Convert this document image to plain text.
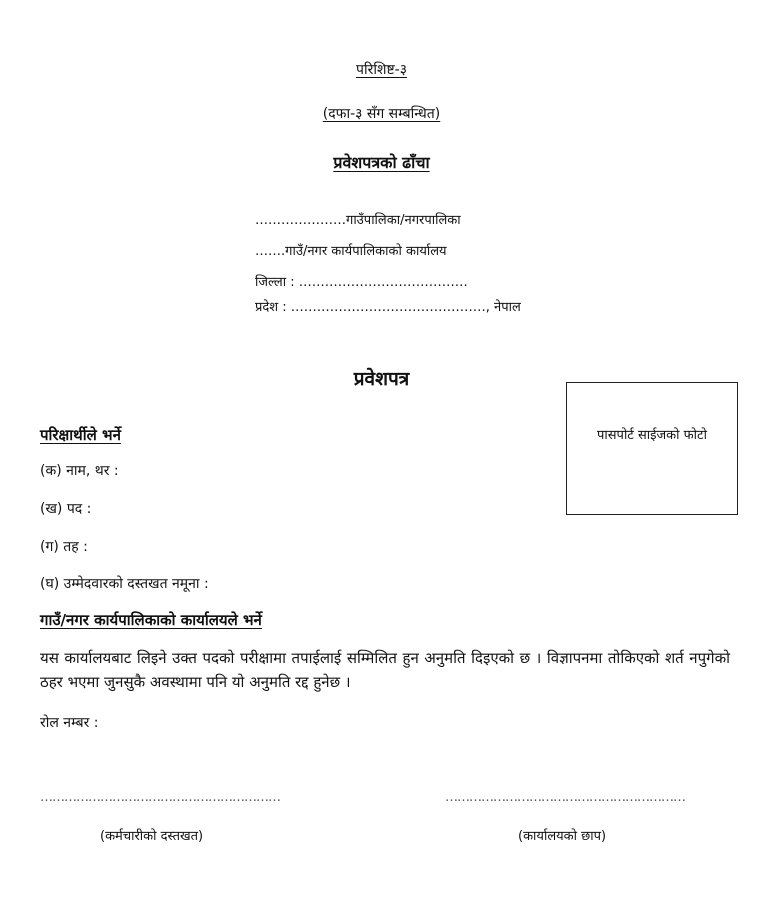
परिशिष्ट-३
(दफा-३ सँग सम्बन्धित)
प्रवेशपत्रको ढाँचा
…………………गाउँपालिका/नगरपालिका
…….गाउँ/नगर कार्यपालिकाको कार्यालय
जिल्ला : …………………………………
प्रदेश : ………………………………………, नेपाल
प्रवेशपत्र
पासपोर्ट साईजको फोटो
परिक्षार्थीले भर्ने
(क) नाम, थर :
(ख) पद :
(ग) तह :
(घ) उम्मेदवारको दस्तखत नमूना :
गाउँ/नगर कार्यपालिकाको कार्यालयले भर्ने
यस कार्यालयबाट लिइने उक्त पदको परीक्षामा तपाईलाई सम्मिलित हुन अनुमति दिइएको छ । विज्ञापनमा तोकिएको शर्त नपुगेको ठहर भएमा जुनसुकै अवस्थामा पनि यो अनुमति रद्द हुनेछ ।
रोल नम्बर :
……………………………………………………	……………………………………………………
(कर्मचारीको दस्तखत)	(कार्यालयको छाप)
